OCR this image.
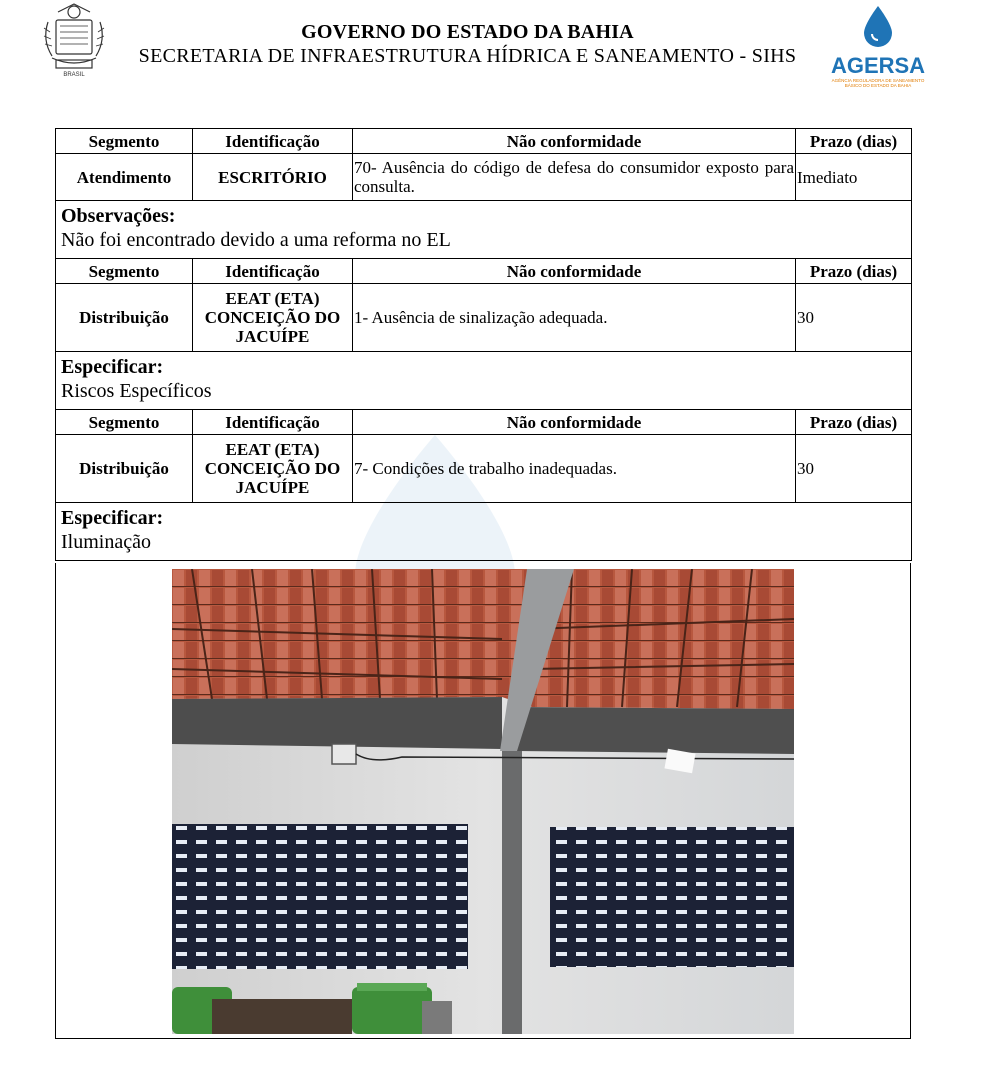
BRASIL
GOVERNO DO ESTADO DA BAHIA
SECRETARIA DE INFRAESTRUTURA HÍDRICA E SANEAMENTO - SIHS	AGERSA
AGÊNCIA REGULADORA DE SANEAMENTO BÁSICO DO ESTADO DA BAHIA
Segmento	Identificação	Não conformidade	Prazo (dias)
Atendimento	ESCRITÓRIO	70- Ausência do código de defesa do consumidor exposto para consulta.	Imediato

Observações:
Não foi encontrado devido a uma reforma no EL			

Segmento	Identificação	Não conformidade	Prazo (dias)
Distribuição	EEAT (ETA) CONCEIÇÃO DO JACUÍPE	1- Ausência de sinalização adequada.	30

Especificar:
Riscos Específicos			

Segmento	Identificação	Não conformidade	Prazo (dias)
Distribuição	EEAT (ETA) CONCEIÇÃO DO JACUÍPE	7- Condições de trabalho inadequadas.	30

Especificar:
Iluminação			
